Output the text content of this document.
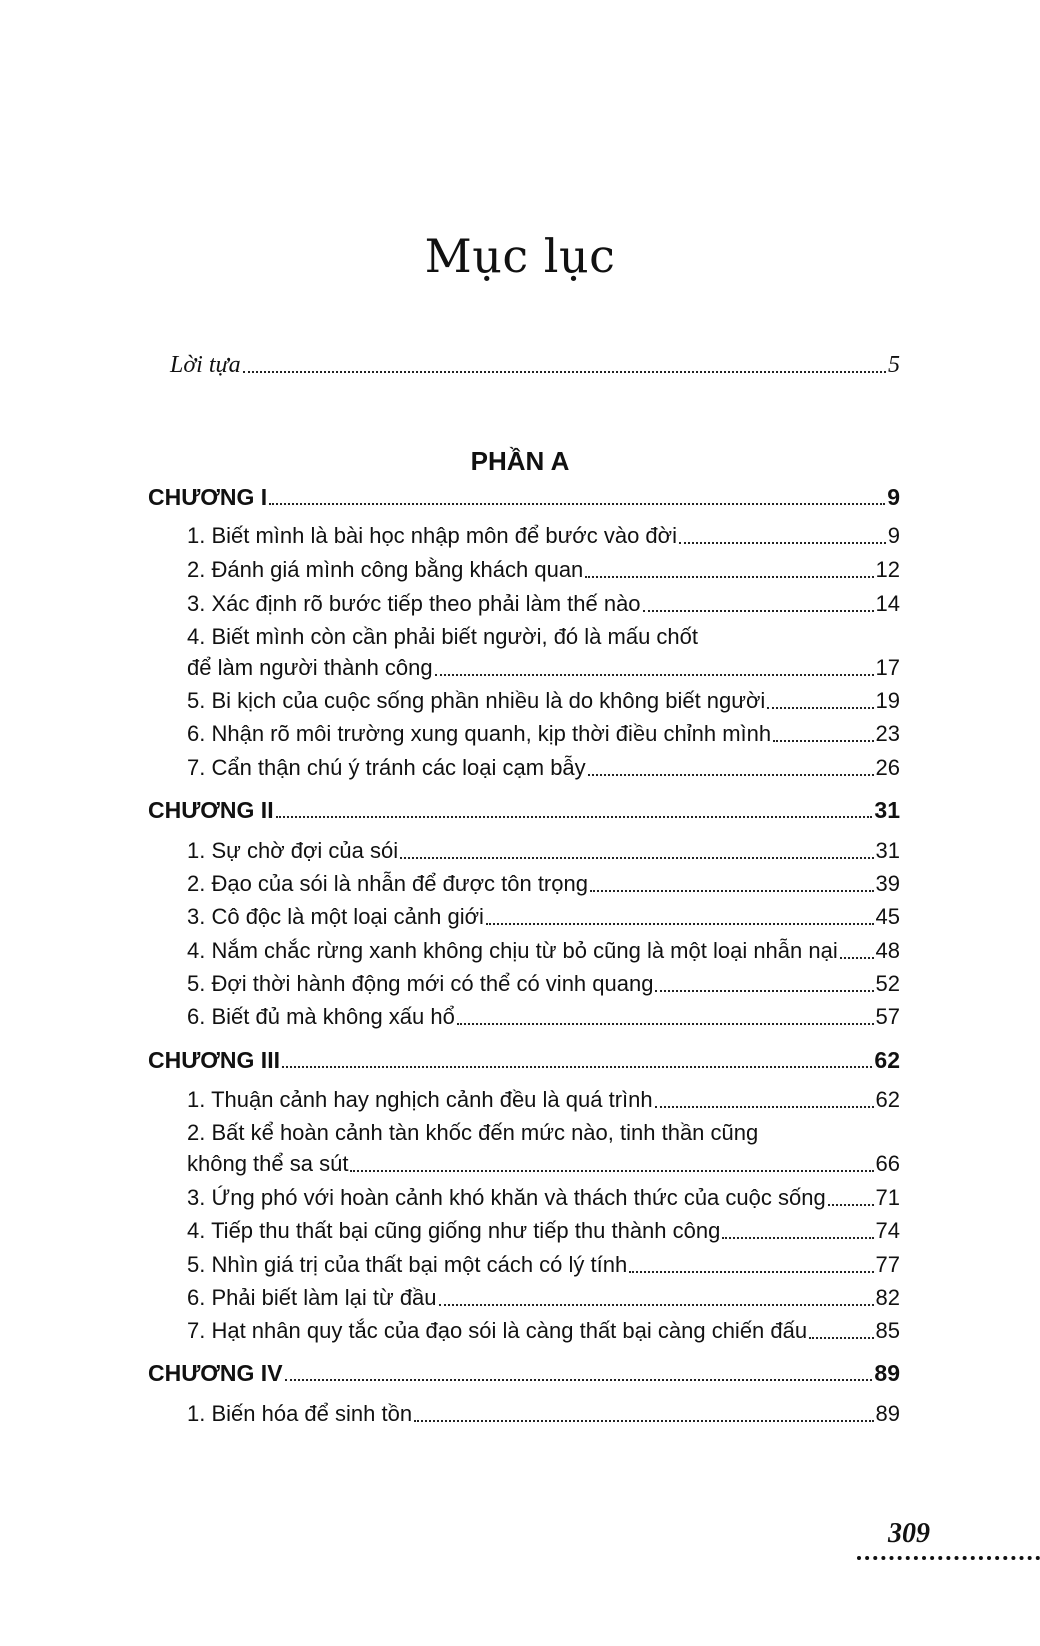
Mục lục
Lời tựa	5
PHẦN A
CHƯƠNG I	9
1. Biết mình là bài học nhập môn để bước vào đời	9
2. Đánh giá mình công bằng khách quan	12
3. Xác định rõ bước tiếp theo phải làm thế nào	14
4. Biết mình còn cần phải biết người, đó là mấu chốt
để làm người thành công	17
5. Bi kịch của cuộc sống phần nhiều là do không biết người	19
6. Nhận rõ môi trường xung quanh, kịp thời điều chỉnh mình	23
7. Cẩn thận chú ý tránh các loại cạm bẫy	26
CHƯƠNG II	31
1. Sự chờ đợi của sói	31
2. Đạo của sói là nhẫn để được tôn trọng	39
3. Cô độc là một loại cảnh giới	45
4. Nắm chắc rừng xanh không chịu từ bỏ cũng là một loại nhẫn nại 48
5. Đợi thời hành động mới có thể có vinh quang	52
6. Biết đủ mà không xấu hổ	57
CHƯƠNG III	62
1. Thuận cảnh hay nghịch cảnh đều là quá trình	62
2. Bất kể hoàn cảnh tàn khốc đến mức nào, tinh thần cũng
không thể sa sút	66
3. Ứng phó với hoàn cảnh khó khăn và thách thức của cuộc sống 71
4. Tiếp thu thất bại cũng giống như tiếp thu thành công	74
5. Nhìn giá trị của thất bại một cách có lý tính	77
6. Phải biết làm lại từ đầu	82
7. Hạt nhân quy tắc của đạo sói là càng thất bại càng chiến đấu	85
CHƯƠNG IV	89
1. Biến hóa để sinh tồn	89
309
